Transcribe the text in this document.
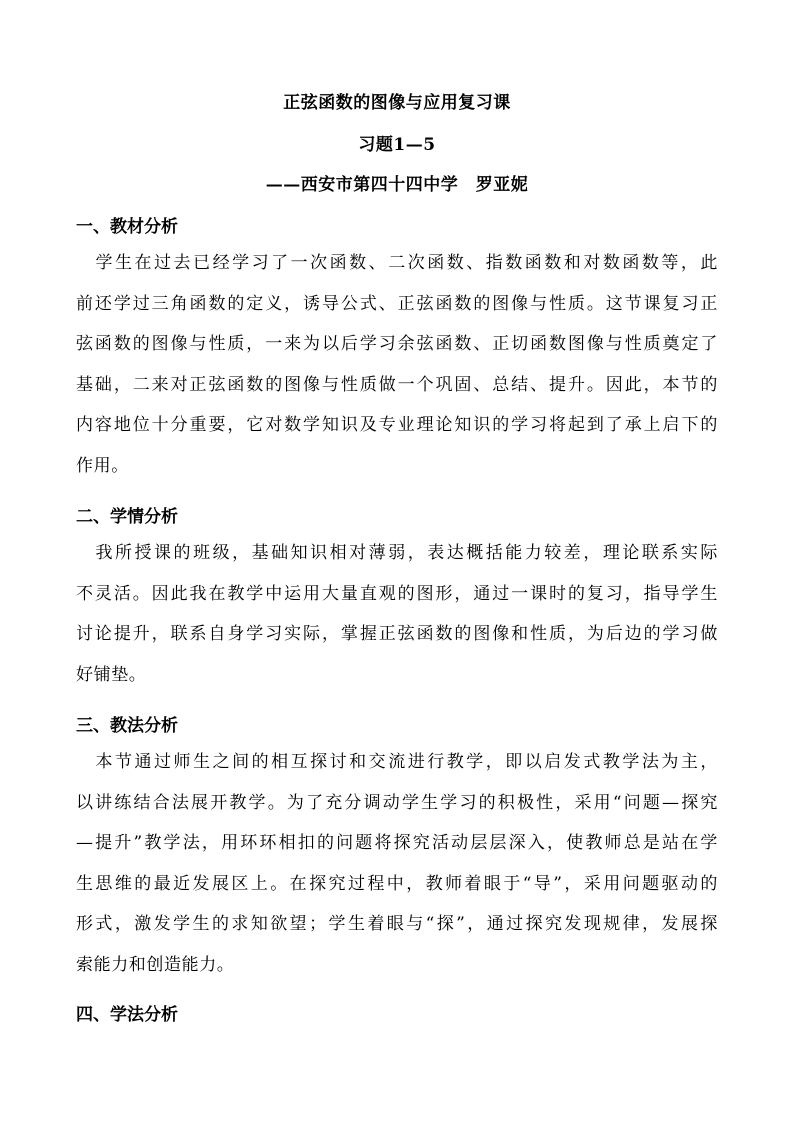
正弦函数的图像与应用复习课
习题1—5
——西安市第四十四中学　罗亚妮
一、教材分析
　学生在过去已经学习了一次函数、二次函数、指数函数和对数函数等，此
前还学过三角函数的定义，诱导公式、正弦函数的图像与性质。这节课复习正
弦函数的图像与性质，一来为以后学习余弦函数、正切函数图像与性质奠定了
基础，二来对正弦函数的图像与性质做一个巩固、总结、提升。因此，本节的
内容地位十分重要，它对数学知识及专业理论知识的学习将起到了承上启下的
作用。
二、学情分析
　我所授课的班级，基础知识相对薄弱，表达概括能力较差，理论联系实际
不灵活。因此我在教学中运用大量直观的图形，通过一课时的复习，指导学生
讨论提升，联系自身学习实际，掌握正弦函数的图像和性质，为后边的学习做
好铺垫。
三、教法分析
　本节通过师生之间的相互探讨和交流进行教学，即以启发式教学法为主，
以讲练结合法展开教学。为了充分调动学生学习的积极性，采用“问题—探究
—提升”教学法，用环环相扣的问题将探究活动层层深入，使教师总是站在学
生思维的最近发展区上。在探究过程中，教师着眼于“导”，采用问题驱动的
形式，激发学生的求知欲望；学生着眼与“探”，通过探究发现规律，发展探
索能力和创造能力。
四、学法分析
